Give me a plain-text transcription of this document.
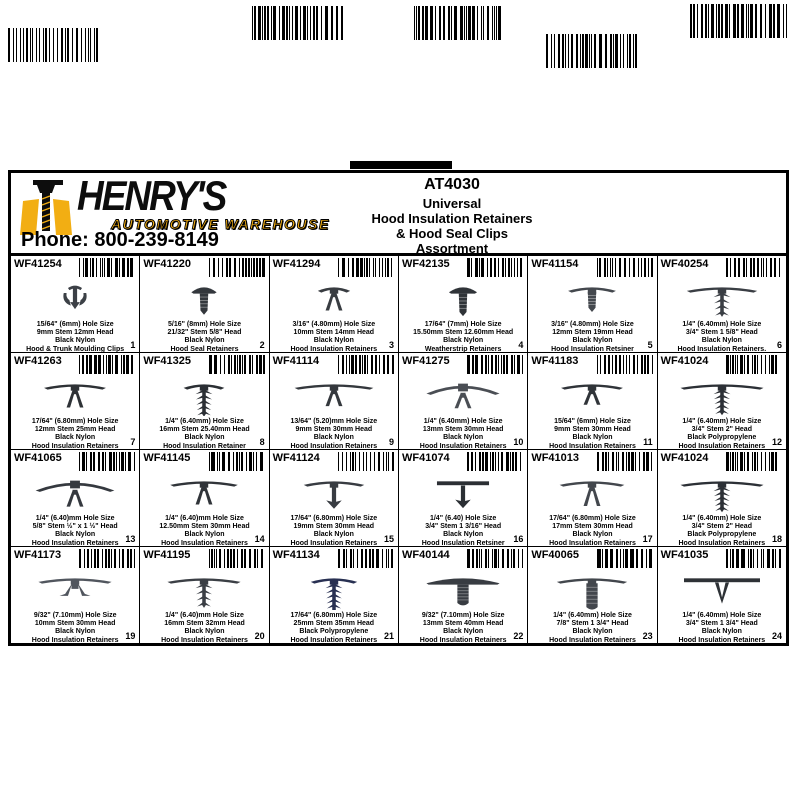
HENRY'S
AUTOMOTIVE WAREHOUSE
Phone: 800-239-8149
AT4030
Universal
Hood Insulation Retainers
& Hood Seal Clips
Assortment
WF41254
15/64" (6mm) Hole Size
9mm Stem 12mm Head
Black Nylon
Hood & Trunk Moulding Clips 1
WF41220
5/16" (8mm) Hole Size
21/32" Stem 5/8" Head
Black Nylon
Hood Seal Retainers	2
WF41294
3/16" (4.80mm) Hole Size
10mm Stem 14mm Head
Black Nylon
Hood Insulation Retainers	3
WF42135
17/64" (7mm) Hole Size
15.50mm Stem 12.60mm Head
Black Nylon
Weatherstrip Retainers	4
WF41154
3/16" (4.80mm) Hole Size
12mm Stem 19mm Head
Black Nylon
Hood Insulation Retsiner	5
WF40254
1/4" (6.40mm) Hole Size
3/4" Stem 1 5/8" Head
Black Nylon
Hood Insulation Retainers.	6
WF41263
17/64" (6.80mm) Hole Size
12mm Stem 25mm Head
Black Nylon
Hood Insulation Retainers	7
WF41325
1/4" (6.40mm) Hole Size
16mm Stem 25.40mm Head
Black Nylon
Hood Insulation Retainer	8
WF41114
13/64" (5.20)mm Hole Size
9mm Stem 30mm Head
Black Nylon
Hood Insulation Retainers	9
WF41275
1/4" (6.40mm) Hole Size
13mm Stem 30mm Head
Black Nylon
Hood Insulation Retainers 10
WF41183
15/64" (6mm) Hole Size
9mm Stem 30mm Head
Black Nylon
Hood Insulation Retainers 11
WF41024
1/4" (6.40mm) Hole Size
3/4" Stem 2" Head
Black Polypropylene
Hood Insulation Retainers 12
WF41065
1/4" (6.40)mm Hole Size
5/8" Stem ½" x 1 ½" Head
Black Nylon
Hood Insulation Retainers 13
WF41145
1/4" (6.40)mm Hole Size
12.50mm Stem 30mm Head
Black Nylon
Hood Insulation Retainers 14
WF41124
17/64" (6.80mm) Hole Size
19mm Stem 30mm Head
Black Nylon
Hood Insulation Retainers 15
WF41074
1/4" (6.40) Hole Size
3/4" Stem 1 3/16" Head
Black Nylon
Hood Insulation Retsiner 16
WF41013
17/64" (6.80mm) Hole Size
17mm Stem 30mm Head
Black Nylon
Hood Insulation Retainers 17
WF41024
1/4" (6.40mm) Hole Size
3/4" Stem 2" Head
Black Polypropylene
Hood Insulation Retainers 18
WF41173
9/32" (7.10mm) Hole Size
10mm Stem 30mm Head
Black Nylon
Hood Insulation Retainers 19
WF41195
1/4" (6.40)mm Hole Size
16mm Stem 32mm Head
Black Nylon
Hood Insulation Retainers 20
WF41134
17/64" (6.80mm) Hole Size
25mm Stem 35mm Head
Black Polypropylene
Hood Insulation Retainers 21
WF40144
9/32" (7.10mm) Hole Size
13mm Stem 40mm Head
Black Nylon
Hood Insulation Retainers 22
WF40065
1/4" (6.40mm) Hole Size
7/8" Stem 1 3/4" Head
Black Nylon
Hood Insulation Retainers 23
WF41035
1/4" (6.40mm) Hole Size
3/4" Stem 1 3/4" Head
Black Nylon
Hood Insulation Retainers 24
